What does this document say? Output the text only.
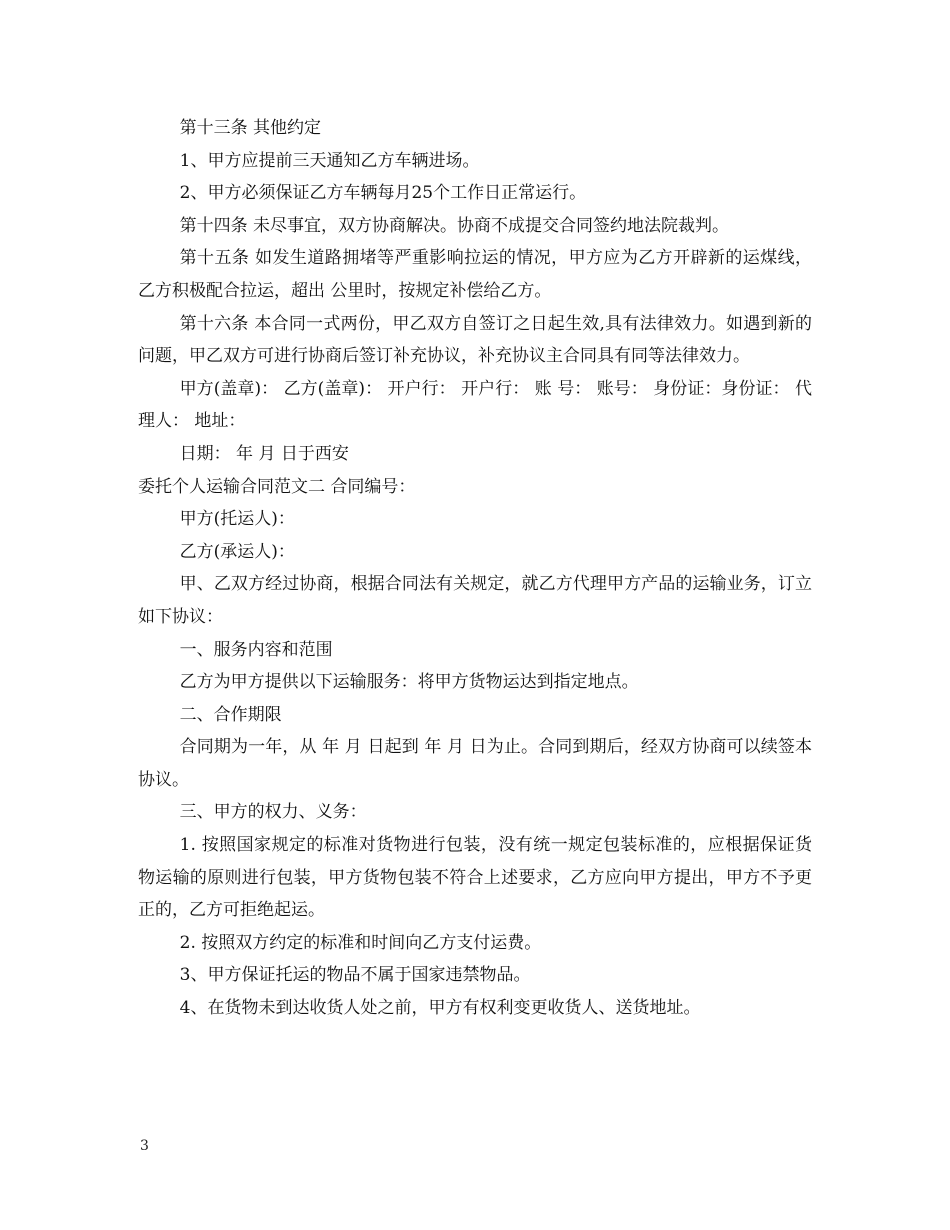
第十三条 其他约定

1、甲方应提前三天通知乙方车辆进场。

2、甲方必须保证乙方车辆每月25个工作日正常运行。

第十四条 未尽事宜，双方协商解决。协商不成提交合同签约地法院裁判。

第十五条 如发生道路拥堵等严重影响拉运的情况，甲方应为乙方开辟新的运煤线，乙方积极配合拉运，超出 公里时，按规定补偿给乙方。

第十六条 本合同一式两份，甲乙双方自签订之日起生效,具有法律效力。如遇到新的问题，甲乙双方可进行协商后签订补充协议，补充协议主合同具有同等法律效力。

甲方(盖章)： 乙方(盖章)： 开户行： 开户行： 账 号： 账号： 身份证：身份证： 代理人： 地址：

日期： 年 月 日于西安

委托个人运输合同范文二 合同编号：

甲方(托运人)：

乙方(承运人)：

甲、乙双方经过协商，根据合同法有关规定，就乙方代理甲方产品的运输业务，订立如下协议：

一、服务内容和范围

乙方为甲方提供以下运输服务：将甲方货物运达到指定地点。

二、合作期限

合同期为一年，从 年 月 日起到 年 月 日为止。合同到期后，经双方协商可以续签本协议。

三、甲方的权力、义务：

1. 按照国家规定的标准对货物进行包装，没有统一规定包装标准的，应根据保证货物运输的原则进行包装，甲方货物包装不符合上述要求，乙方应向甲方提出，甲方不予更正的，乙方可拒绝起运。

2. 按照双方约定的标准和时间向乙方支付运费。

3、甲方保证托运的物品不属于国家违禁物品。

4、在货物未到达收货人处之前，甲方有权利变更收货人、送货地址。

3
